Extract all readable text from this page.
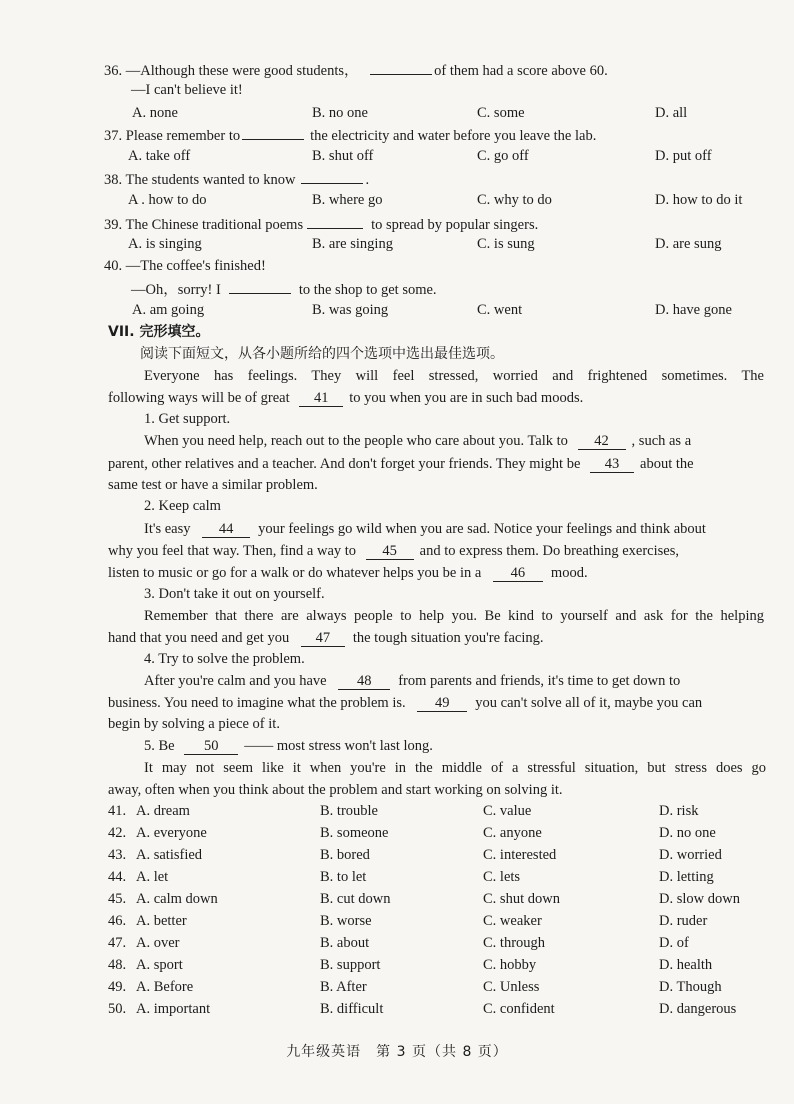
36. —Although these were good students，	of them had a score above 60.
—I can't believe it!
A. none	B. no one	C. some	D. all
37. Please remember to	the electricity and water before you leave the lab.
A. take off	B. shut off	C. go off	D. put off
38. The students wanted to know	.
A . how to do	B. where go	C. why to do	D. how to do it
39. The Chinese traditional poems	to spread by popular singers.
A. is singing	B. are singing	C. is sung	D. are sung
40. —The coffee's finished!
—Oh，sorry! I	to the shop to get some.
A. am going	B. was going	C. went	D. have gone
VII. 完形填空。
阅读下面短文，从各小题所给的四个选项中选出最佳选项。
Everyone has feelings. They will feel stressed, worried and frightened sometimes. The
following ways will be of great 41 to you when you are in such bad moods.
1. Get support.
When you need help, reach out to the people who care about you. Talk to 42 , such as a
parent, other relatives and a teacher. And don't forget your friends. They might be 43 about the
same test or have a similar problem.
2. Keep calm
It's easy 44 your feelings go wild when you are sad. Notice your feelings and think about
why you feel that way. Then, find a way to 45 and to express them. Do breathing exercises,
listen to music or go for a walk or do whatever helps you be in a 46 mood.
3. Don't take it out on yourself.
Remember that there are always people to help you. Be kind to yourself and ask for the helping
hand that you need and get you 47 the tough situation you're facing.
4. Try to solve the problem.
After you're calm and you have 48 from parents and friends, it's time to get down to
business. You need to imagine what the problem is. 49 you can't solve all of it, maybe you can
begin by solving a piece of it.
5. Be 50 —— most stress won't last long.
It may not seem like it when you're in the middle of a stressful situation, but stress does go
away, often when you think about the problem and start working on solving it.
41. A. dream	B. trouble	C. value	D. risk
42. A. everyone	B. someone	C. anyone	D. no one
43. A. satisfied	B. bored	C. interested	D. worried
44. A. let	B. to let	C. lets	D. letting
45. A. calm down	B. cut down	C. shut down	D. slow down
46. A. better	B. worse	C. weaker	D. ruder
47. A. over	B. about	C. through	D. of
48. A. sport	B. support	C. hobby	D. health
49. A. Before	B. After	C. Unless	D. Though
50. A. important	B. difficult	C. confident	D. dangerous
九年级英语　第 3 页（共 8 页）
